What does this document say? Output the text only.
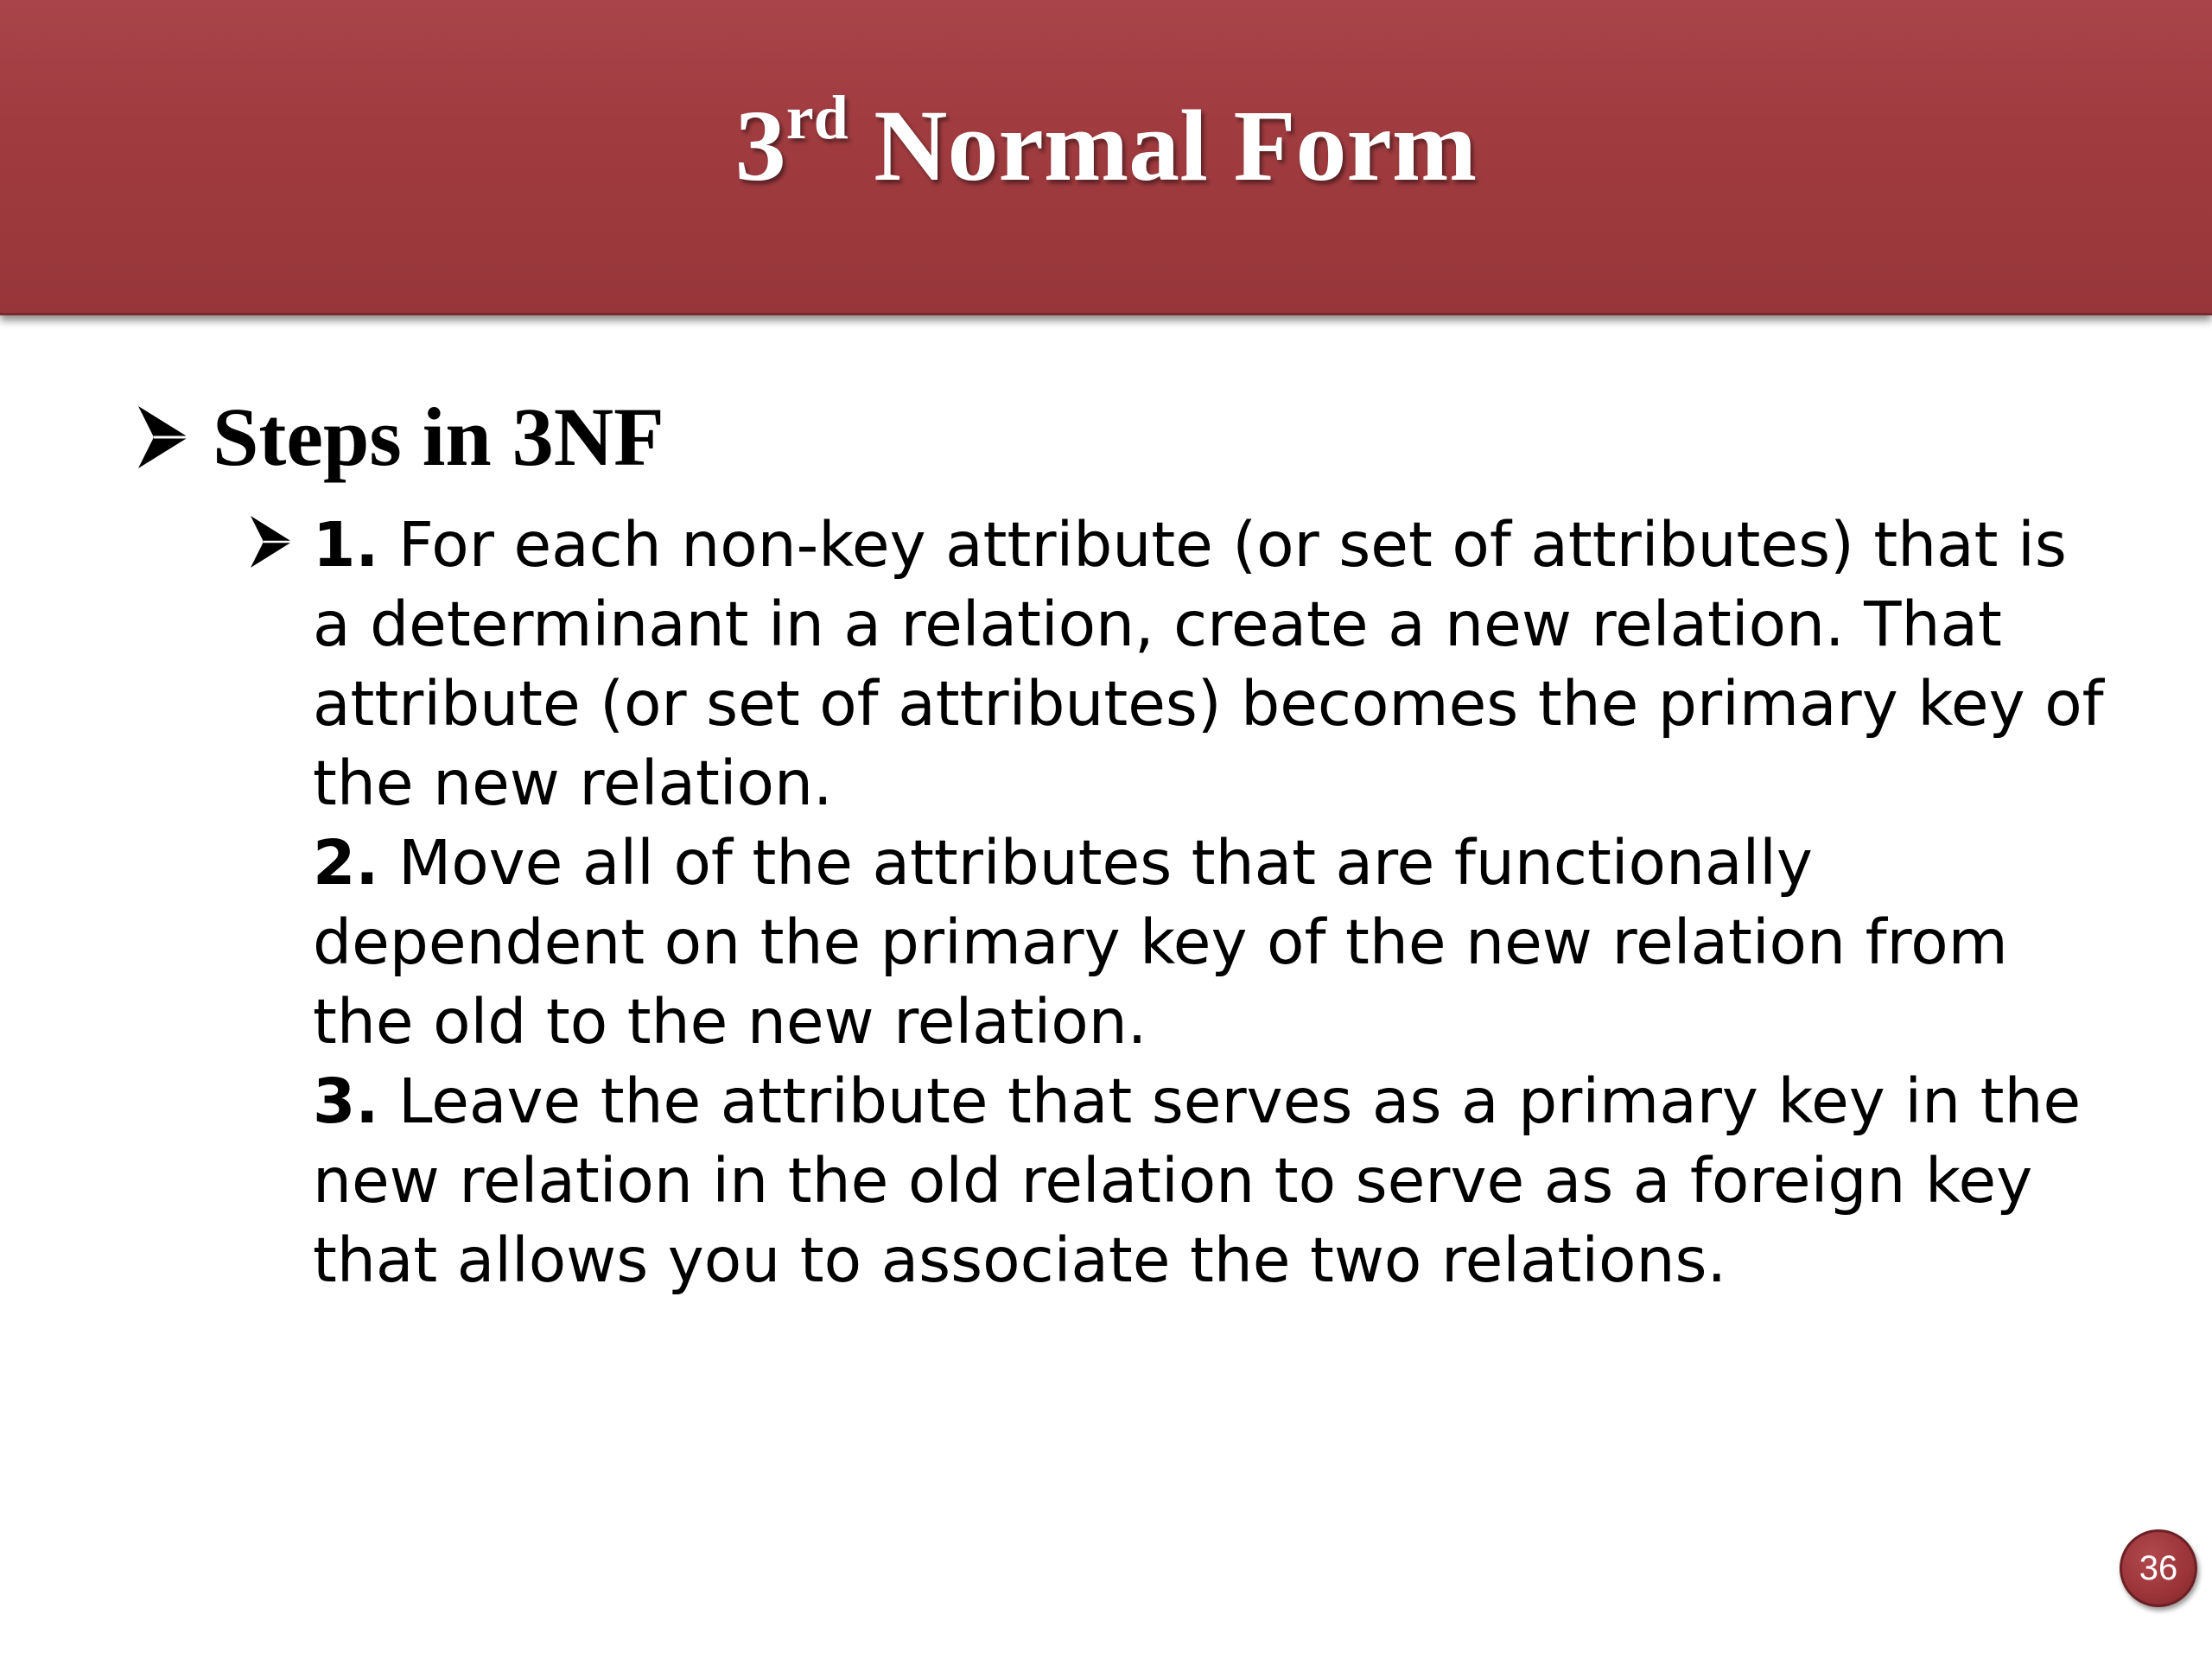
3rd Normal Form
Steps in 3NF
1. For each non-key attribute (or set of attributes) that is a determinant in a relation, create a new relation. That attribute (or set of attributes) becomes the primary key of the new relation.
2. Move all of the attributes that are functionally dependent on the primary key of the new relation from the old to the new relation.
3. Leave the attribute that serves as a primary key in the new relation in the old relation to serve as a foreign key that allows you to associate the two relations.
36
